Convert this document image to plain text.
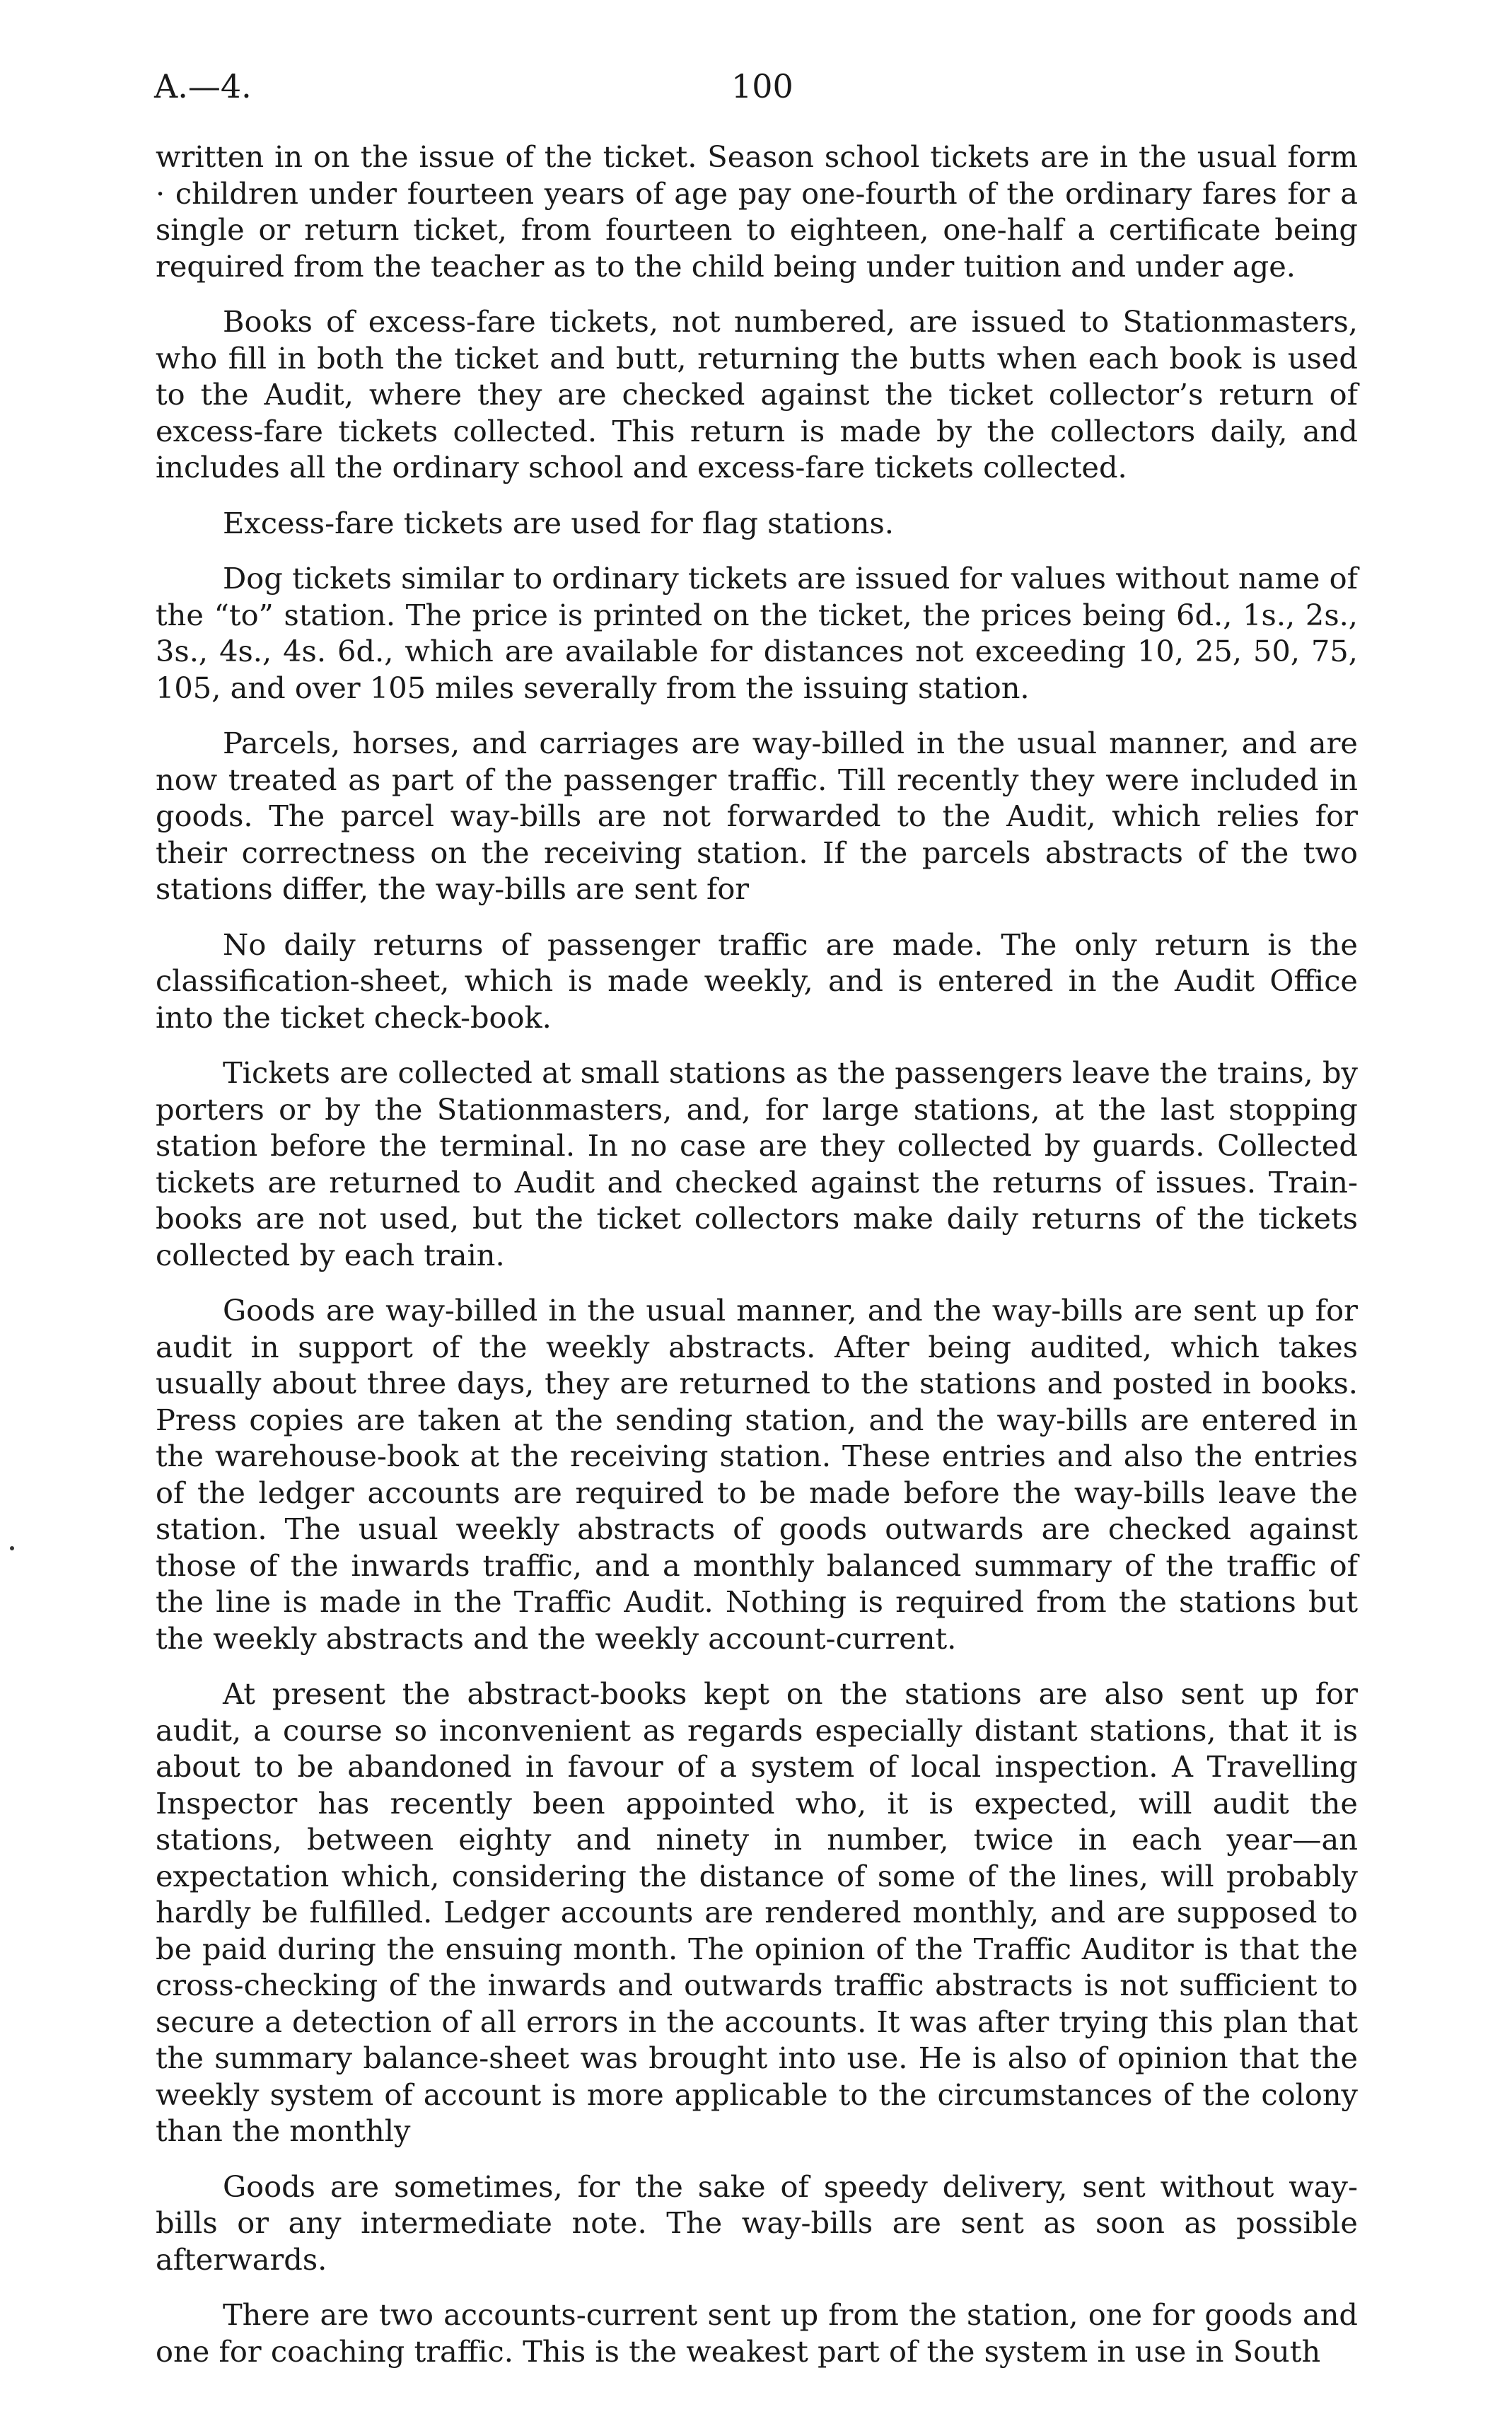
A.—4.	100

written in on the issue of the ticket. Season school tickets are in the usual form · children under fourteen years of age pay one-fourth of the ordinary fares for a single or return ticket, from fourteen to eighteen, one-half a certificate being required from the teacher as to the child being under tuition and under age.

Books of excess-fare tickets, not numbered, are issued to Stationmasters, who fill in both the ticket and butt, returning the butts when each book is used to the Audit, where they are checked against the ticket collector’s return of excess-fare tickets collected. This return is made by the collectors daily, and includes all the ordinary school and excess-fare tickets collected.

Excess-fare tickets are used for flag stations.

Dog tickets similar to ordinary tickets are issued for values without name of the “to” station. The price is printed on the ticket, the prices being 6d., 1s., 2s., 3s., 4s., 4s. 6d., which are available for distances not exceeding 10, 25, 50, 75, 105, and over 105 miles severally from the issuing station.

Parcels, horses, and carriages are way-billed in the usual manner, and are now treated as part of the passenger traffic. Till recently they were included in goods. The parcel way-bills are not forwarded to the Audit, which relies for their correctness on the receiving station. If the parcels abstracts of the two stations differ, the way-bills are sent for

No daily returns of passenger traffic are made. The only return is the classification-sheet, which is made weekly, and is entered in the Audit Office into the ticket check-book.

Tickets are collected at small stations as the passengers leave the trains, by porters or by the Stationmasters, and, for large stations, at the last stopping station before the terminal. In no case are they collected by guards. Collected tickets are returned to Audit and checked against the returns of issues. Train-books are not used, but the ticket collectors make daily returns of the tickets collected by each train.

Goods are way-billed in the usual manner, and the way-bills are sent up for audit in support of the weekly abstracts. After being audited, which takes usually about three days, they are returned to the stations and posted in books. Press copies are taken at the sending station, and the way-bills are entered in the warehouse-book at the receiving station. These entries and also the entries of the ledger accounts are required to be made before the way-bills leave the station. The usual weekly abstracts of goods outwards are checked against those of the inwards traffic, and a monthly balanced summary of the traffic of the line is made in the Traffic Audit. Nothing is required from the stations but the weekly abstracts and the weekly account-current.

At present the abstract-books kept on the stations are also sent up for audit, a course so inconvenient as regards especially distant stations, that it is about to be abandoned in favour of a system of local inspection. A Travelling Inspector has recently been appointed who, it is expected, will audit the stations, between eighty and ninety in number, twice in each year—an expectation which, considering the distance of some of the lines, will probably hardly be fulfilled. Ledger accounts are rendered monthly, and are supposed to be paid during the ensuing month. The opinion of the Traffic Auditor is that the cross-checking of the inwards and outwards traffic abstracts is not sufficient to secure a detection of all errors in the accounts. It was after trying this plan that the summary balance-sheet was brought into use. He is also of opinion that the weekly system of account is more applicable to the circumstances of the colony than the monthly

Goods are sometimes, for the sake of speedy delivery, sent without way-bills or any intermediate note. The way-bills are sent as soon as possible afterwards.

There are two accounts-current sent up from the station, one for goods and one for coaching traffic. This is the weakest part of the system in use in South
